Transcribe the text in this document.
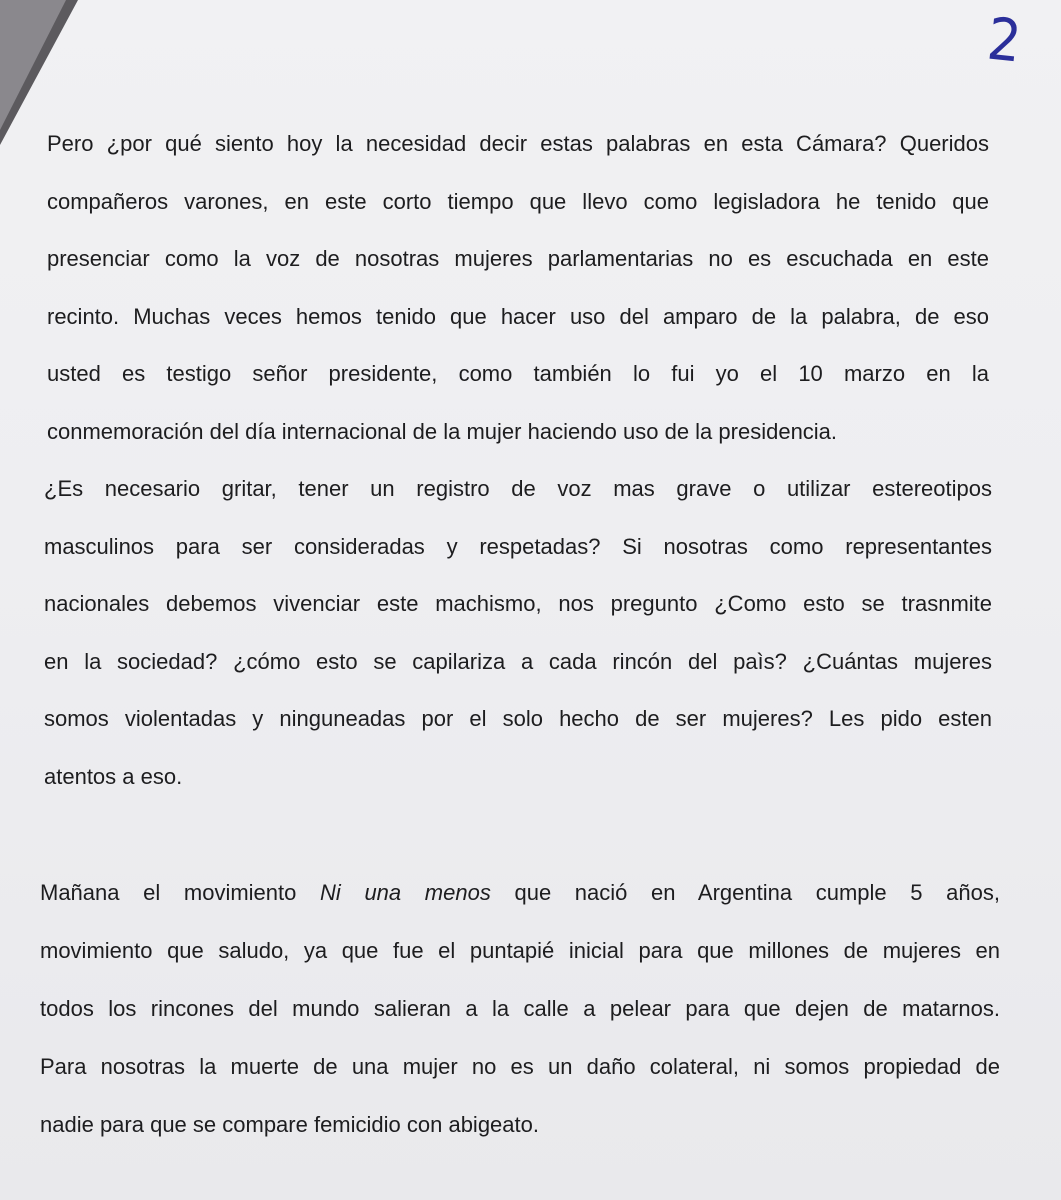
2
Pero ¿por qué siento hoy la necesidad decir estas palabras en esta Cámara? Queridos
compañeros varones, en este corto tiempo que llevo como legisladora he tenido que
presenciar como la voz de nosotras mujeres parlamentarias no es escuchada en este
recinto. Muchas veces hemos tenido que hacer uso del amparo de la palabra, de eso
usted es testigo señor presidente, como también lo fui yo el 10 marzo en la
conmemoración del día internacional de la mujer haciendo uso de la presidencia.
¿Es necesario gritar, tener un registro de voz mas grave o utilizar estereotipos
masculinos para ser consideradas y respetadas? Si nosotras como representantes
nacionales debemos vivenciar este machismo, nos pregunto ¿Como esto se trasnmite
en la sociedad? ¿cómo esto se capilariza a cada rincón del paìs? ¿Cuántas mujeres
somos violentadas y ninguneadas por el solo hecho de ser mujeres? Les pido esten
atentos a eso.
Mañana el movimiento Ni una menos que nació en Argentina cumple 5 años,
movimiento que saludo, ya que fue el puntapié inicial para que millones de mujeres en
todos los rincones del mundo salieran a la calle a pelear para que dejen de matarnos.
Para nosotras la muerte de una mujer no es un daño colateral, ni somos propiedad de
nadie para que se compare femicidio con abigeato.
